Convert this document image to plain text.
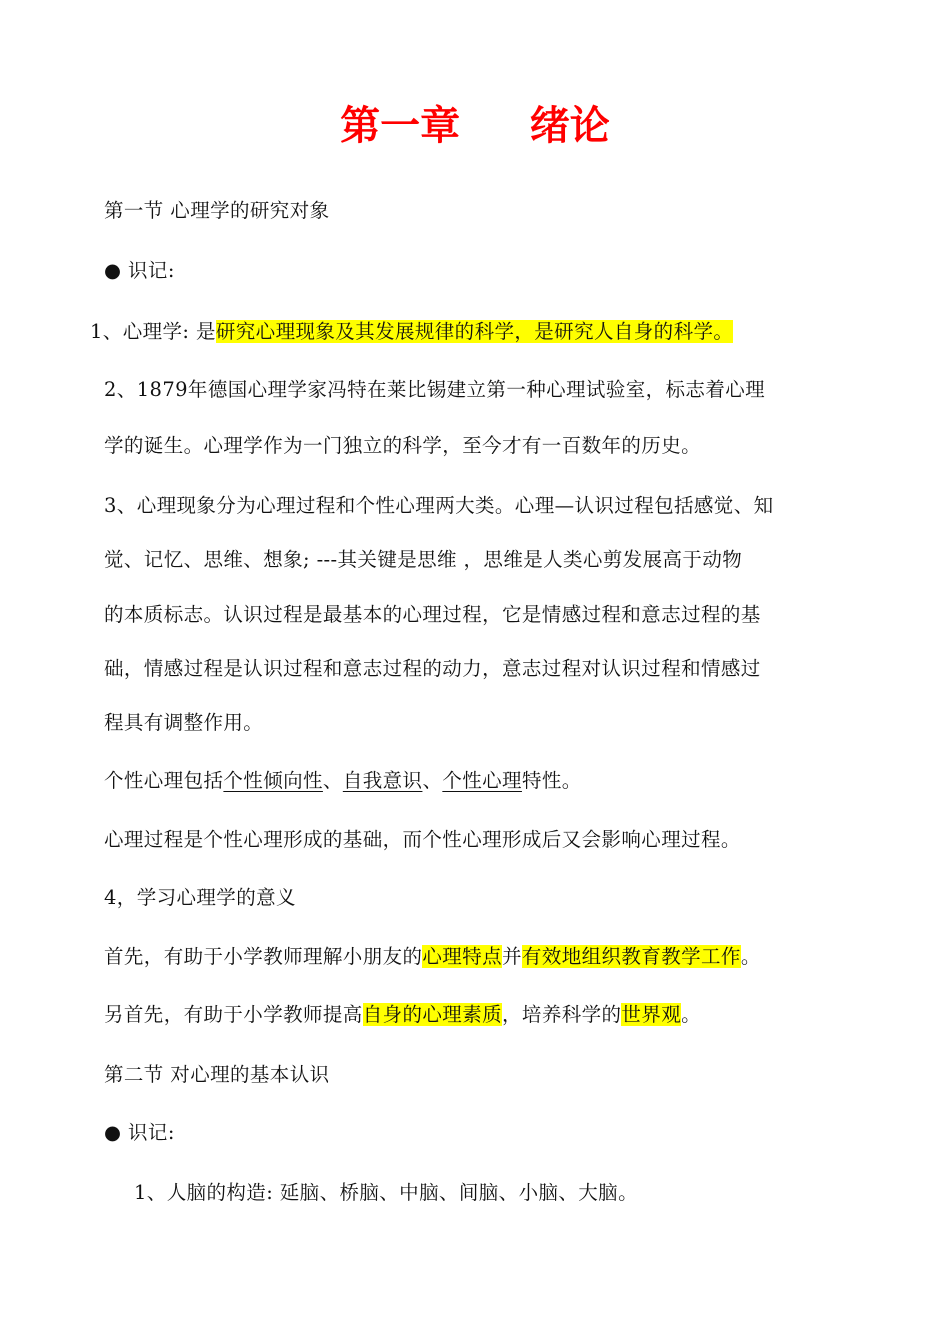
第一章     绪论
第一节 心理学的研究对象
● 识记:
1、心理学: 是研究心理现象及其发展规律的科学，是研究人自身的科学。
2、1879年德国心理学家冯特在莱比锡建立第一种心理试验室，标志着心理
学的诞生。心理学作为一门独立的科学，至今才有一百数年的历史。
3、心理现象分为心理过程和个性心理两大类。心理—认识过程包括感觉、知
觉、记忆、思维、想象; ---其关键是思维 ，思维是人类心剪发展高于动物
的本质标志。认识过程是最基本的心理过程，它是情感过程和意志过程的基
础，情感过程是认识过程和意志过程的动力，意志过程对认识过程和情感过
程具有调整作用。
个性心理包括个性倾向性、自我意识、个性心理特性。
心理过程是个性心理形成的基础，而个性心理形成后又会影响心理过程。
4，学习心理学的意义
首先，有助于小学教师理解小朋友的心理特点并有效地组织教育教学工作。
另首先，有助于小学教师提高自身的心理素质，培养科学的世界观。
第二节 对心理的基本认识
● 识记:
1、人脑的构造: 延脑、桥脑、中脑、间脑、小脑、大脑。
